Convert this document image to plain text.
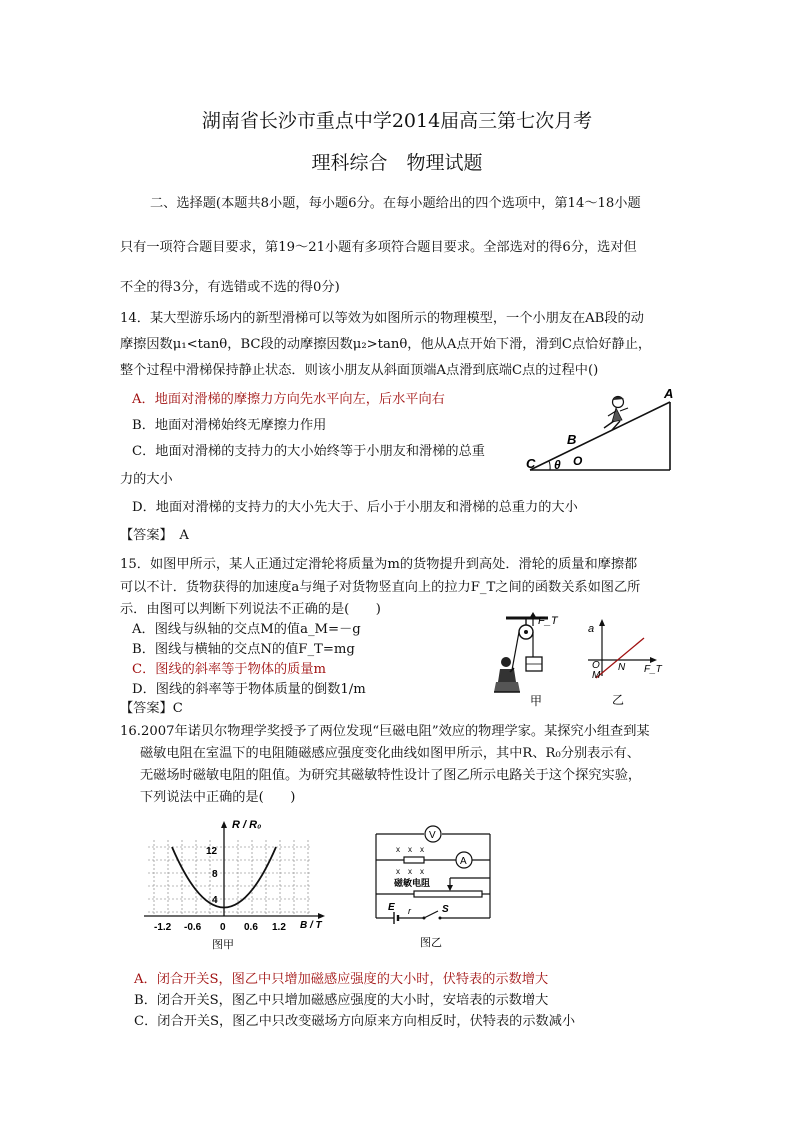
湖南省长沙市重点中学2014届高三第七次月考
理科综合　物理试题
二、选择题(本题共8小题，每小题6分。在每小题给出的四个选项中，第14～18小题
只有一项符合题目要求，第19～21小题有多项符合题目要求。全部选对的得6分，选对但
不全的得3分，有选错或不选的得0分)
14．某大型游乐场内的新型滑梯可以等效为如图所示的物理模型，一个小朋友在AB段的动
摩擦因数μ₁<tanθ，BC段的动摩擦因数μ₂>tanθ，他从A点开始下滑，滑到C点恰好静止，
整个过程中滑梯保持静止状态．则该小朋友从斜面顶端A点滑到底端C点的过程中()
A．地面对滑梯的摩擦力方向先水平向左，后水平向右
B．地面对滑梯始终无摩擦力作用
C．地面对滑梯的支持力的大小始终等于小朋友和滑梯的总重
力的大小
D．地面对滑梯的支持力的大小先大于、后小于小朋友和滑梯的总重力的大小
【答案】　A
A
B
O
C θ
15．如图甲所示，某人正通过定滑轮将质量为m的货物提升到高处．滑轮的质量和摩擦都
可以不计．货物获得的加速度a与绳子对货物竖直向上的拉力F_T之间的函数关系如图乙所
示．由图可以判断下列说法不正确的是(　　)
A．图线与纵轴的交点M的值a_M=－g
B．图线与横轴的交点N的值F_T=mg
C．图线的斜率等于物体的质量m
D．图线的斜率等于物体质量的倒数1/m
【答案】C
F_T
甲
a
O
M
N F_T
乙
16.2007年诺贝尔物理学奖授予了两位发现“巨磁电阻”效应的物理学家。某探究小组查到某
磁敏电阻在室温下的电阻随磁感应强度变化曲线如图甲所示，其中R、R₀分别表示有、
无磁场时磁敏电阻的阻值。为研究其磁敏特性设计了图乙所示电路关于这个探究实验，
下列说法中正确的是(　　)
R / R₀
B / T
12
8
4
-1.2 -0.6 0 0.6 1.2
图甲
V
A
x　x　x
x　x　x
磁敏电阻
E r	S
图乙
A．闭合开关S，图乙中只增加磁感应强度的大小时，伏特表的示数增大
B．闭合开关S，图乙中只增加磁感应强度的大小时，安培表的示数增大
C．闭合开关S，图乙中只改变磁场方向原来方向相反时，伏特表的示数减小
